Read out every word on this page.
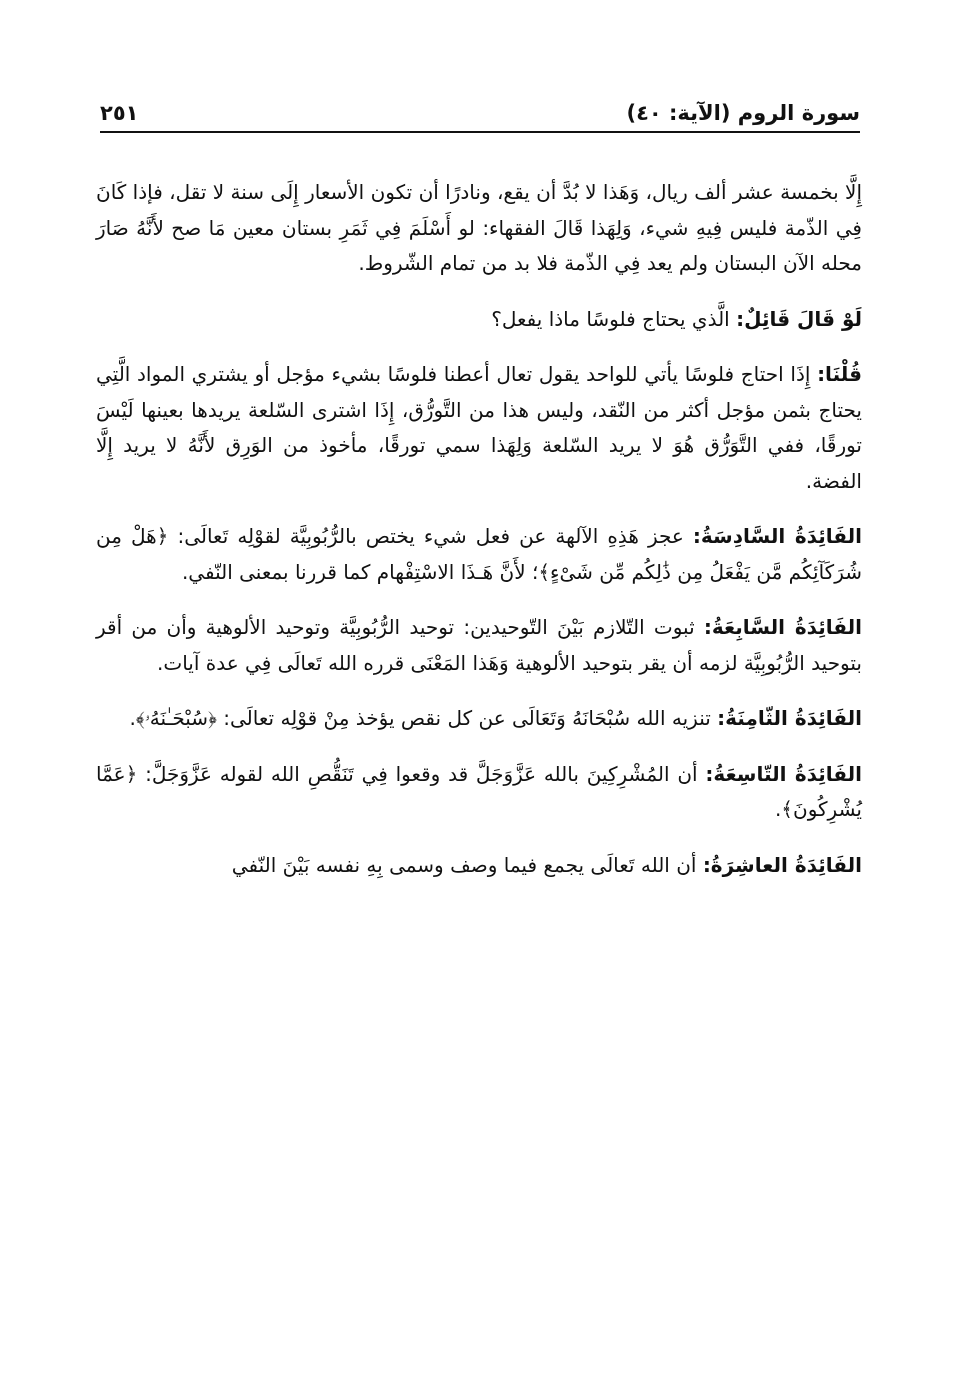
سورة الروم (الآية: ٤٠)
٢٥١

إِلَّا بخمسة عشر ألف ريال، وَهَذا لا بُدَّ أن يقع، ونادرًا أن تكون الأسعار إِلَى سنة لا تقل، فإذا كَانَ فِي الذّمة فليس فِيهِ شيء، وَلِهَذا قَالَ الفقهاء: لو أَسْلَمَ فِي ثَمَرِ بستان معين مَا صح لأَنَّهُ صَارَ محله الآن البستان ولم يعد فِي الذّمة فلا بد من تمام الشّروط.

لَوْ قَالَ قَائِلٌ: الَّذي يحتاج فلوسًا ماذا يفعل؟

قُلْنَا: إِذَا احتاج فلوسًا يأتي للواحد يقول تعال أعطنا فلوسًا بشيء مؤجل أو يشتري المواد الَّتِي يحتاج بثمن مؤجل أكثر من النّقد، وليس هذا من التَّورُّق، إِذَا اشترى السّلعة يريدها بعينها لَيْسَ تورقًا، ففي التَّوَرُّق هُوَ لا يريد السّلعة وَلِهَذا سمي تورقًا، مأخوذ من الوَرِق لأَنَّهُ لا يريد إِلَّا الفضة.

الفَائِدَةُ السَّادِسَةُ: عجز هَذِهِ الآلهة عن فعل شيء يختص بالرُّبُوبِيَّة لقوْلِه تَعالَى: ﴿هَلْ مِن شُرَكَآئِكُم مَّن يَفْعَلُ مِن ذَٰلِكُم مِّن شَىْءٍ﴾؛ لأَنَّ هَـذَا الاسْتِفْهام كما قررنا بمعنى النّفي.

الفَائِدَةُ السَّابِعَةُ: ثبوت التّلازم بَيْنَ التّوحيدين: توحيد الرُّبُوبِيَّة وتوحيد الألوهية وأن من أقر بتوحيد الرُّبُوبِيَّة لزمه أن يقر بتوحيد الألوهية وَهَذا المَعْنَى قرره الله تَعالَى فِي عدة آيات.

الفَائِدَةُ الثّامِنَةُ: تنزيه الله سُبْحَانَهُ وَتَعَالَى عن كل نقص يؤخذ مِنْ قوْلِه تعالَى: ﴿سُبْحَـٰنَهُۥ﴾.

الفَائِدَةُ التّاسِعَةُ: أن المُشْرِكِينَ بالله عَزَّوَجَلَّ قد وقعوا فِي تَنَقُّصِ الله لقوله عَزَّوَجَلَّ: ﴿عَمَّا يُشْرِكُونَ﴾.

الفَائِدَةُ العاشِرَةُ: أن الله تَعالَى يجمع فيما وصف وسمى بِهِ نفسه بَيْنَ النّفي
